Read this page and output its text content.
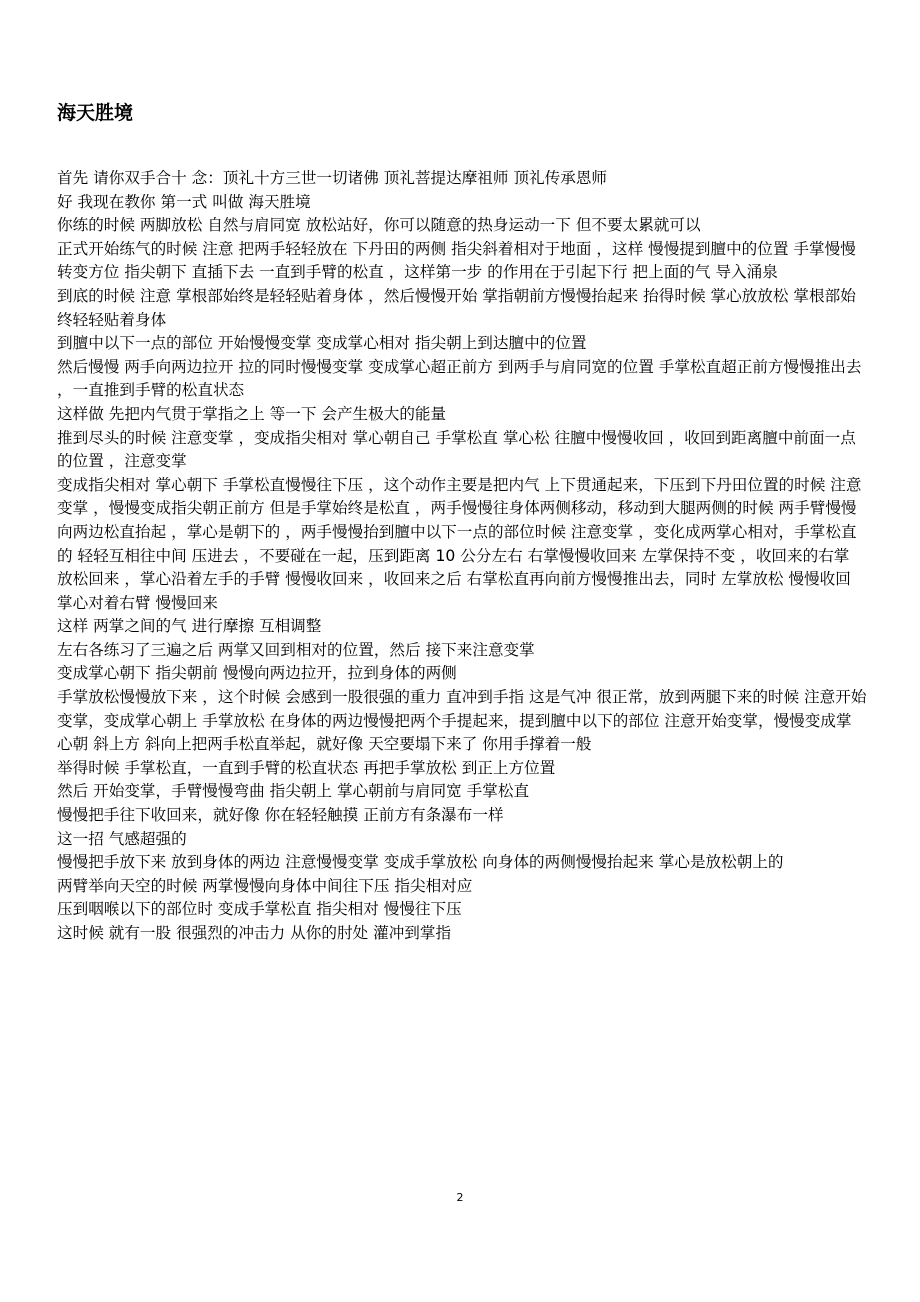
海天胜境

首先 请你双手合十 念：顶礼十方三世一切诸佛 顶礼菩提达摩祖师 顶礼传承恩师

好 我现在教你 第一式 叫做 海天胜境

你练的时候 两脚放松 自然与肩同宽 放松站好，你可以随意的热身运动一下 但不要太累就可以

正式开始练气的时候 注意 把两手轻轻放在 下丹田的两侧 指尖斜着相对于地面 ，这样 慢慢提到膻中的位置 手掌慢慢转变方位 指尖朝下 直插下去 一直到手臂的松直 ，这样第一步 的作用在于引起下行 把上面的气 导入涌泉

到底的时候 注意 掌根部始终是轻轻贴着身体 ，然后慢慢开始 掌指朝前方慢慢抬起来 抬得时候 掌心放放松 掌根部始终轻轻贴着身体

到膻中以下一点的部位 开始慢慢变掌 变成掌心相对 指尖朝上到达膻中的位置

然后慢慢 两手向两边拉开 拉的同时慢慢变掌 变成掌心超正前方 到两手与肩同宽的位置 手掌松直超正前方慢慢推出去 ，一直推到手臂的松直状态

这样做 先把内气贯于掌指之上 等一下 会产生极大的能量

推到尽头的时候 注意变掌 ，变成指尖相对 掌心朝自己 手掌松直 掌心松 往膻中慢慢收回 ，收回到距离膻中前面一点的位置 ，注意变掌

变成指尖相对 掌心朝下 手掌松直慢慢往下压 ，这个动作主要是把内气 上下贯通起来，下压到下丹田位置的时候 注意变掌 ，慢慢变成指尖朝正前方 但是手掌始终是松直 ，两手慢慢往身体两侧移动，移动到大腿两侧的时候 两手臂慢慢向两边松直抬起 ，掌心是朝下的 ，两手慢慢抬到膻中以下一点的部位时候 注意变掌 ，变化成两掌心相对，手掌松直的 轻轻互相往中间 压进去 ，不要碰在一起，压到距离 10 公分左右 右掌慢慢收回来 左掌保持不变 ，收回来的右掌 放松回来 ，掌心沿着左手的手臂 慢慢收回来 ，收回来之后 右掌松直再向前方慢慢推出去，同时 左掌放松 慢慢收回 掌心对着右臂 慢慢回来

这样 两掌之间的气 进行摩擦 互相调整

左右各练习了三遍之后 两掌又回到相对的位置，然后 接下来注意变掌

变成掌心朝下 指尖朝前 慢慢向两边拉开，拉到身体的两侧

手掌放松慢慢放下来 ，这个时候 会感到一股很强的重力 直冲到手指 这是气冲 很正常，放到两腿下来的时候 注意开始变掌，变成掌心朝上 手掌放松 在身体的两边慢慢把两个手提起来，提到膻中以下的部位 注意开始变掌，慢慢变成掌心朝 斜上方 斜向上把两手松直举起，就好像 天空要塌下来了 你用手撑着一般

举得时候 手掌松直，一直到手臂的松直状态 再把手掌放松 到正上方位置

然后 开始变掌，手臂慢慢弯曲 指尖朝上 掌心朝前与肩同宽 手掌松直

慢慢把手往下收回来，就好像 你在轻轻触摸 正前方有条瀑布一样

这一招 气感超强的

慢慢把手放下来 放到身体的两边 注意慢慢变掌 变成手掌放松 向身体的两侧慢慢抬起来 掌心是放松朝上的

两臂举向天空的时候 两掌慢慢向身体中间往下压 指尖相对应

压到咽喉以下的部位时 变成手掌松直 指尖相对 慢慢往下压

这时候 就有一股 很强烈的冲击力 从你的肘处 灌冲到掌指

2
